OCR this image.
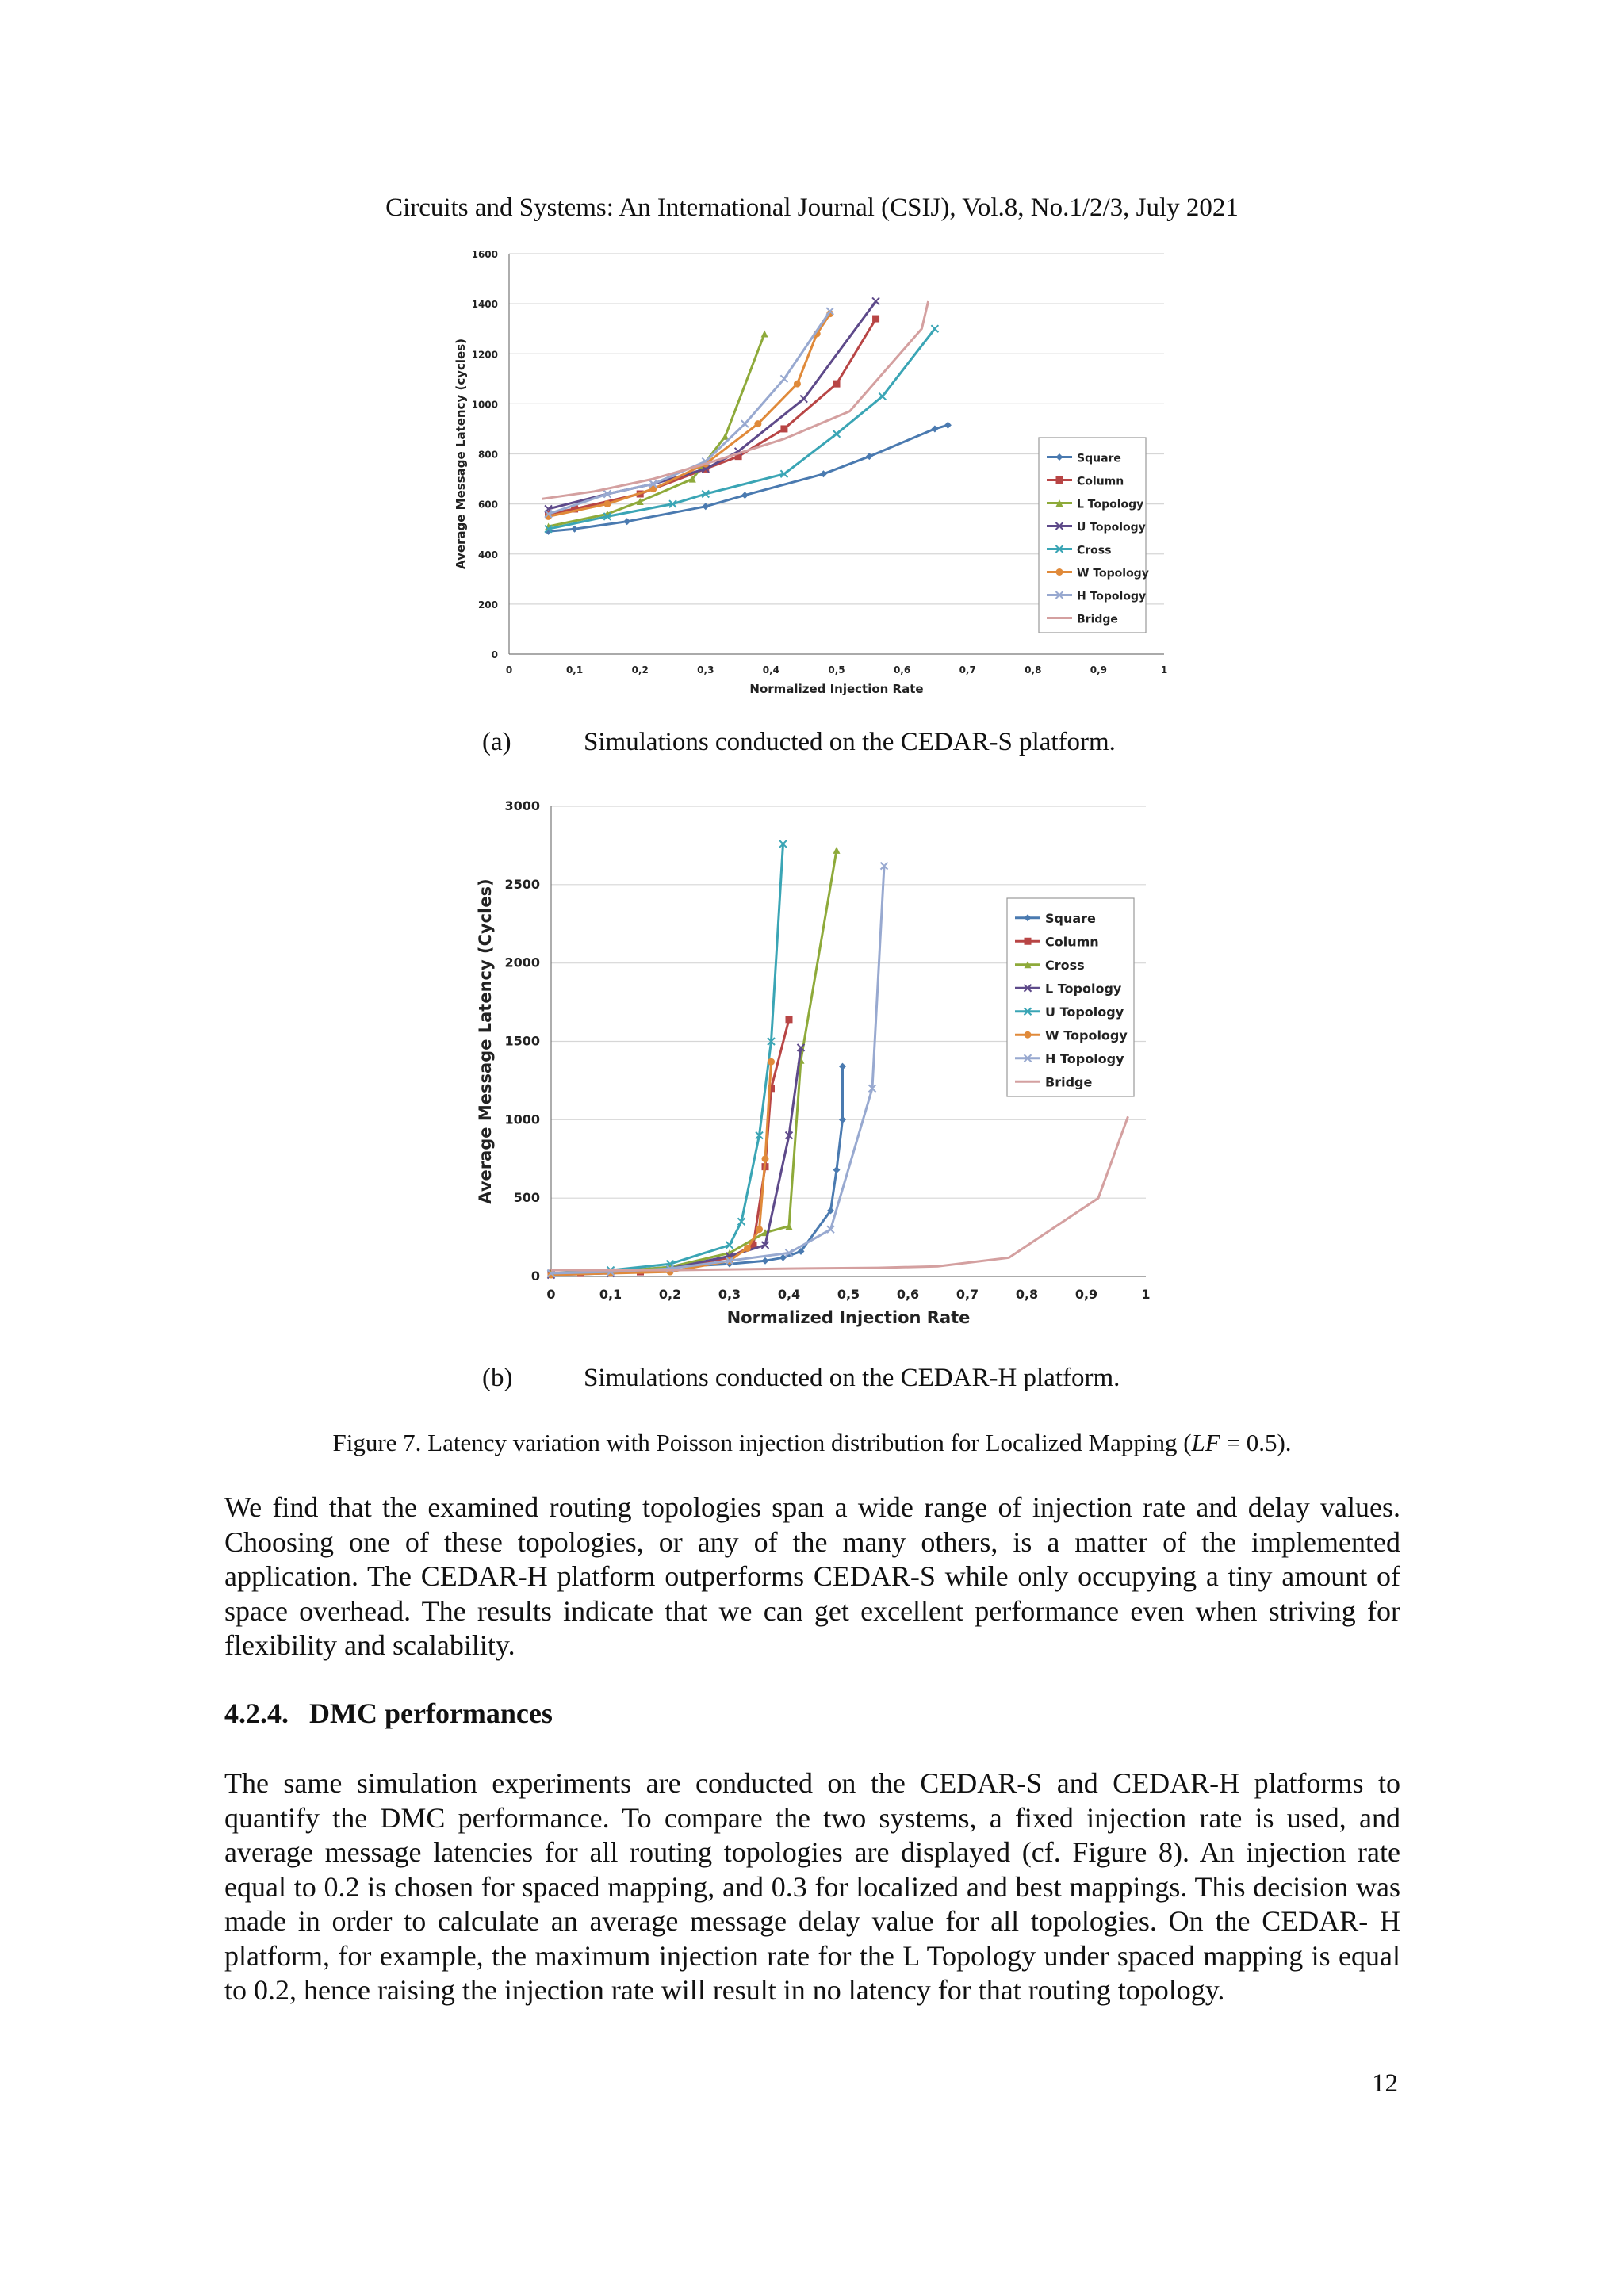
Circuits and Systems: An International Journal (CSIJ), Vol.8, No.1/2/3, July 2021
0
200
400
600
800
1000
1200
1400
1600
0	0,1	0,2	0,3	0,4	0,5	0,6	0,7	0,8	0,9	1
Normalized Injection Rate
Average Message Latency (cycles)	Square
Column
L Topology
U Topology
Cross
W Topology
H Topology
Bridge
(a)	Simulations conducted on the CEDAR-S platform.
0
500
1000
1500
2000
2500
3000
0	0,1	0,2	0,3	0,4	0,5	0,6	0,7	0,8	0,9	1
Normalized Injection Rate
Average Message Latency (Cycles)	Square
Column
Cross
L Topology
U Topology
W Topology
H Topology
Bridge
(b)	Simulations conducted on the CEDAR-H platform.
Figure 7. Latency variation with Poisson injection distribution for Localized Mapping (LF = 0.5).

We find that the examined routing topologies span a wide range of injection rate and delay values. Choosing one of these topologies, or any of the many others, is a matter of the implemented application. The CEDAR-H platform outperforms CEDAR-S while only occupying a tiny amount of space overhead. The results indicate that we can get excellent performance even when striving for flexibility and scalability.

4.2.4. DMC performances

The same simulation experiments are conducted on the CEDAR-S and CEDAR-H platforms to quantify the DMC performance. To compare the two systems, a fixed injection rate is used, and average message latencies for all routing topologies are displayed (cf. Figure 8). An injection rate equal to 0.2 is chosen for spaced mapping, and 0.3 for localized and best mappings. This decision was made in order to calculate an average message delay value for all topologies. On the CEDAR- H platform, for example, the maximum injection rate for the L Topology under spaced mapping is equal to 0.2, hence raising the injection rate will result in no latency for that routing topology.

12
